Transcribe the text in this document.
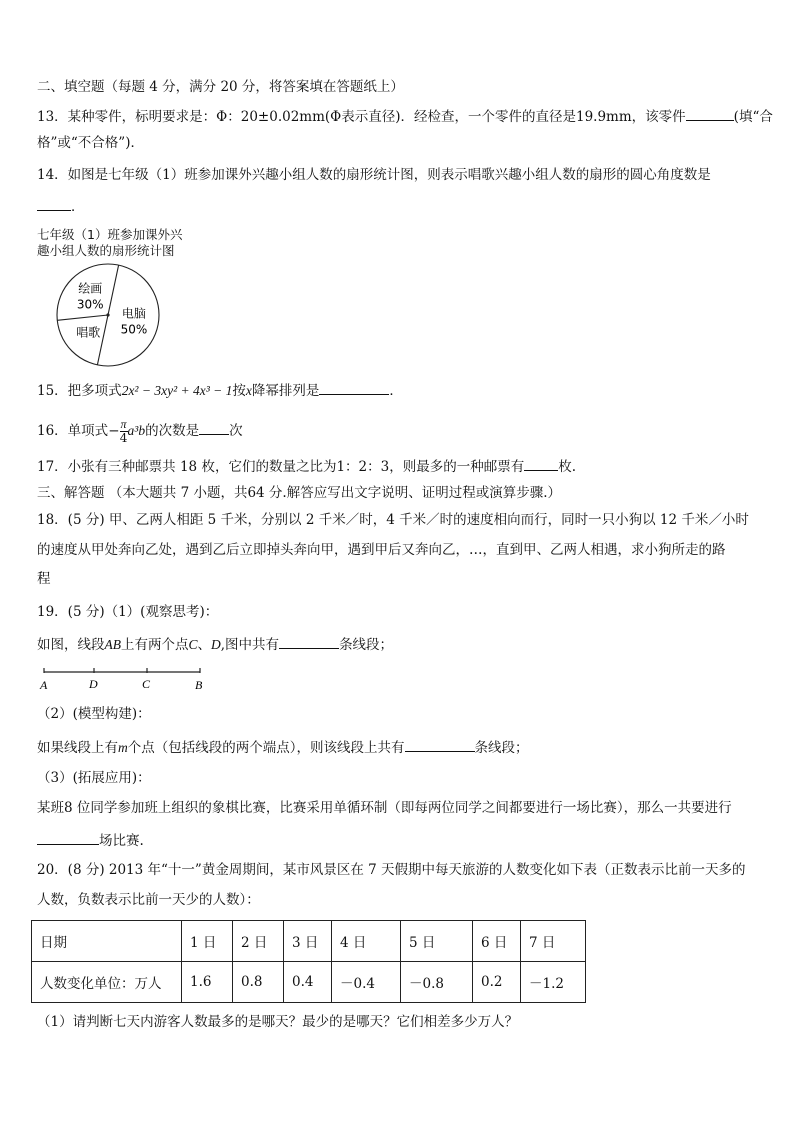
二、填空题（每题 4 分，满分 20 分，将答案填在答题纸上）
13．某种零件，标明要求是：Φ：20±0.02mm(Φ表示直径)．经检查，一个零件的直径是19.9mm，该零件	(填“合
格”或“不合格”)．
14．如图是七年级（1）班参加课外兴趣小组人数的扇形统计图，则表示唱歌兴趣小组人数的扇形的圆心角度数是
．
七年级（1）班参加课外兴
趣小组人数的扇形统计图
电脑
50%
唱歌
绘画
30%
15．把多项式2x² − 3xy² + 4x³ − 1按x降幂排列是	．
16．单项式− $\frac{\pi}{4} a^3b$的次数是 次
17．小张有三种邮票共 18 枚，它们的数量之比为1：2：3，则最多的一种邮票有	枚.
三、解答题 （本大题共 7 小题，共64 分.解答应写出文字说明、证明过程或演算步骤.）
18．(5 分) 甲、乙两人相距 5 千米，分别以 2 千米／时，4 千米／时的速度相向而行，同时一只小狗以 12 千米／小时
的速度从甲处奔向乙处，遇到乙后立即掉头奔向甲，遇到甲后又奔向乙，…，直到甲、乙两人相遇，求小狗所走的路
程
19．(5 分)（1）(观察思考)：
如图，线段AB上有两个点C、D,图中共有	条线段；
A	D	C	B
（2）(模型构建)：
如果线段上有m个点（包括线段的两个端点），则该线段上共有	条线段；
（3）(拓展应用)：
某班8 位同学参加班上组织的象棋比赛，比赛采用单循环制（即每两位同学之间都要进行一场比赛），那么一共要进行
场比赛.
20．(8 分) 2013 年“十一”黄金周期间，某市风景区在 7 天假期中每天旅游的人数变化如下表（正数表示比前一天多的
人数，负数表示比前一天少的人数）：
日期	1 日	2 日	3 日	4 日	5 日	6 日	7 日
人数变化单位：万人	1.6	0.8	0.4	－0.4	－0.8	0.2	－1.2
（1）请判断七天内游客人数最多的是哪天？最少的是哪天？它们相差多少万人？
